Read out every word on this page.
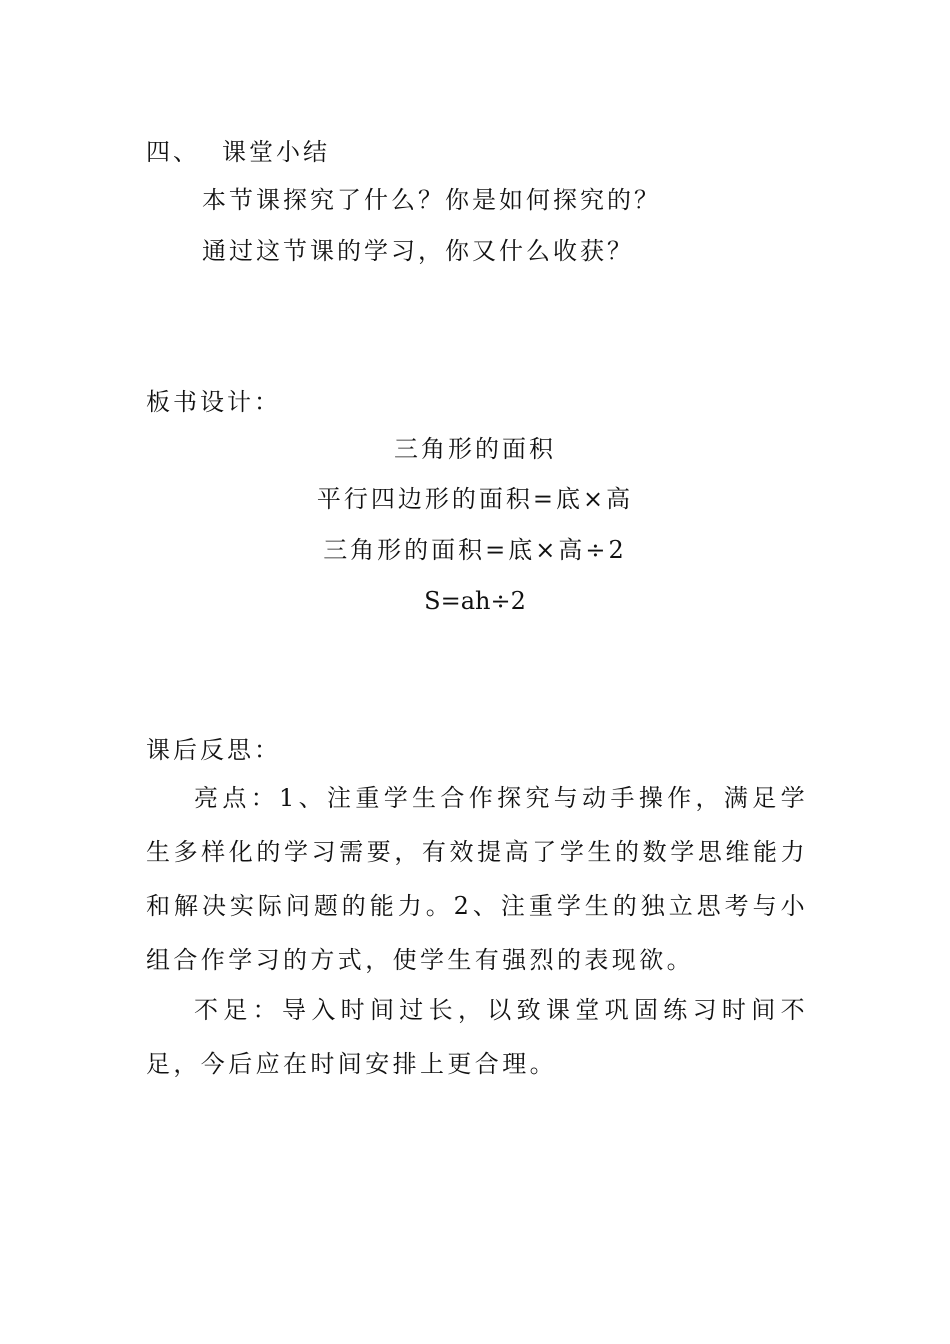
四、 课堂小结
本节课探究了什么？你是如何探究的？
通过这节课的学习，你又什么收获？
板书设计：
三角形的面积
平行四边形的面积=底×高
三角形的面积=底×高÷2
S=ah÷2
课后反思：
亮点：1、注重学生合作探究与动手操作，满足学生多样化的学习需要，有效提高了学生的数学思维能力和解决实际问题的能力。2、注重学生的独立思考与小组合作学习的方式，使学生有强烈的表现欲。
不足：导入时间过长，以致课堂巩固练习时间不足，今后应在时间安排上更合理。
